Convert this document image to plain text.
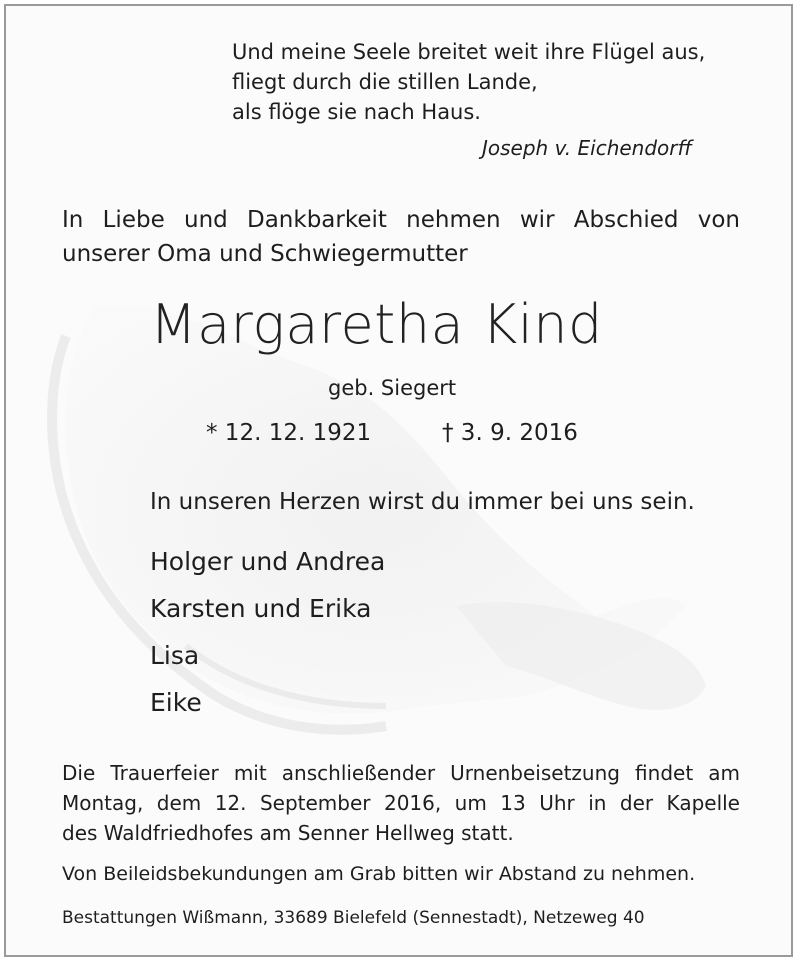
Und meine Seele breitet weit ihre Flügel aus,
fliegt durch die stillen Lande,
als flöge sie nach Haus.
Joseph v. Eichendorff
In Liebe und Dankbarkeit nehmen wir Abschied von
unserer Oma und Schwiegermutter
Margaretha Kind
geb. Siegert
* 12. 12. 1921	† 3. 9. 2016
In unseren Herzen wirst du immer bei uns sein.
Holger und Andrea
Karsten und Erika
Lisa
Eike
Die Trauerfeier mit anschließender Urnenbeisetzung findet am
Montag, dem 12. September 2016, um 13 Uhr in der Kapelle
des Waldfriedhofes am Senner Hellweg statt.
Von Beileidsbekundungen am Grab bitten wir Abstand zu nehmen.
Bestattungen Wißmann, 33689 Bielefeld (Sennestadt), Netzeweg 40
